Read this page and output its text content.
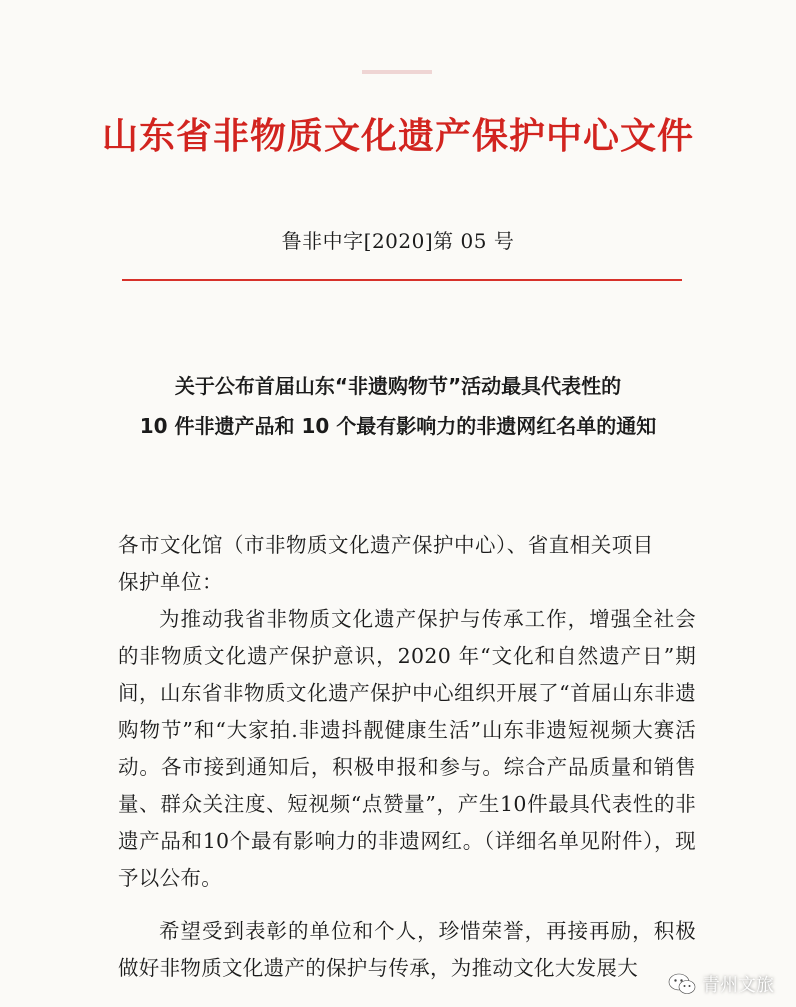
山东省非物质文化遗产保护中心文件
鲁非中字[2020]第 05 号
关于公布首届山东“非遗购物节”活动最具代表性的
10 件非遗产品和 10 个最有影响力的非遗网红名单的通知
各市文化馆（市非物质文化遗产保护中心）、省直相关项目
保护单位：
为推动我省非物质文化遗产保护与传承工作，增强全社会的非物质文化遗产保护意识，2020 年“文化和自然遗产日”期间，山东省非物质文化遗产保护中心组织开展了“首届山东非遗购物节”和“大家拍.非遗抖靓健康生活”山东非遗短视频大赛活动。各市接到通知后，积极申报和参与。综合产品质量和销售量、群众关注度、短视频“点赞量”，产生10件最具代表性的非遗产品和10个最有影响力的非遗网红。（详细名单见附件），现予以公布。
希望受到表彰的单位和个人，珍惜荣誉，再接再励，积极做好非物质文化遗产的保护与传承，为推动文化大发展大
青州文旅
